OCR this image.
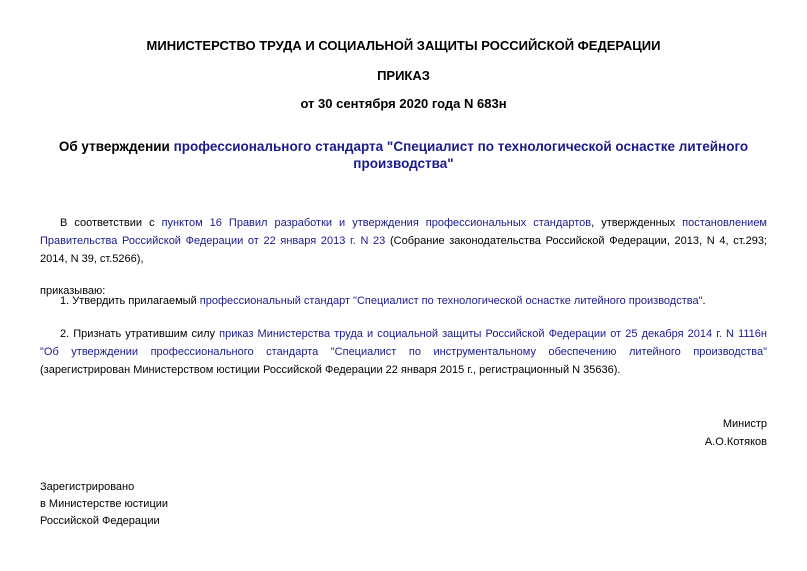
МИНИСТЕРСТВО ТРУДА И СОЦИАЛЬНОЙ ЗАЩИТЫ РОССИЙСКОЙ ФЕДЕРАЦИИ
ПРИКАЗ
от 30 сентября 2020 года N 683н
Об утверждении профессионального стандарта "Специалист по технологической оснастке литейного производства"
В соответствии с пунктом 16 Правил разработки и утверждения профессиональных стандартов, утвержденных постановлением Правительства Российской Федерации от 22 января 2013 г. N 23 (Собрание законодательства Российской Федерации, 2013, N 4, ст.293; 2014, N 39, ст.5266),
приказываю:
1. Утвердить прилагаемый профессиональный стандарт "Специалист по технологической оснастке литейного производства".
2. Признать утратившим силу приказ Министерства труда и социальной защиты Российской Федерации от 25 декабря 2014 г. N 1116н "Об утверждении профессионального стандарта "Специалист по инструментальному обеспечению литейного производства" (зарегистрирован Министерством юстиции Российской Федерации 22 января 2015 г., регистрационный N 35636).
Министр
А.О.Котяков
Зарегистрировано
в Министерстве юстиции
Российской Федерации
